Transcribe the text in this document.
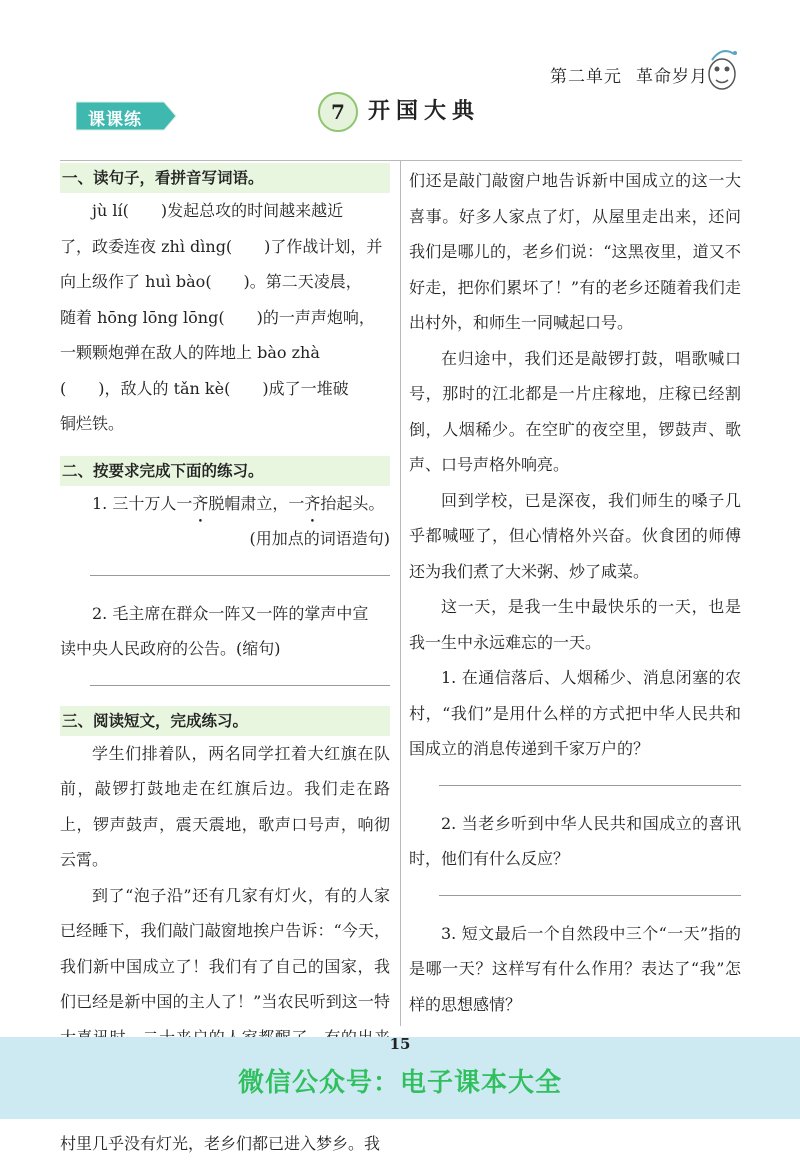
第二单元 革命岁月
课课练	7	开国大典
一、读句子，看拼音写词语。

jù lí(　　)发起总攻的时间越来越近

了，政委连夜 zhì dìng(　　)了作战计划，并

向上级作了 huì bào(　　)。第二天凌晨，

随着 hōng lōng lōng(　　)的一声声炮响，

一颗颗炮弹在敌人的阵地上 bào zhà

(　　)，敌人的 tǎn kè(　　)成了一堆破

铜烂铁。

二、按要求完成下面的练习。

1. 三十万人一齐脱帽肃立，一齐抬起头。

(用加点的词语造句)

2. 毛主席在群众一阵又一阵的掌声中宣

读中央人民政府的公告。(缩句)

三、阅读短文，完成练习。

学生们排着队，两名同学扛着大红旗在队前，敲锣打鼓地走在红旗后边。我们走在路上，锣声鼓声，震天震地，歌声口号声，响彻云霄。

到了“泡子沿”还有几家有灯火，有的人家已经睡下，我们敲门敲窗地挨户告诉：“今天，我们新中国成立了！我们有了自己的国家，我们已经是新中国的主人了！”当农民听到这一特

村里几乎没有灯光，老乡们都已进入梦乡。我

们还是敲门敲窗户地告诉新中国成立的这一大喜事。好多人家点了灯，从屋里走出来，还问我们是哪儿的，老乡们说：“这黑夜里，道又不好走，把你们累坏了！”有的老乡还随着我们走出村外，和师生一同喊起口号。

在归途中，我们还是敲锣打鼓，唱歌喊口号，那时的江北都是一片庄稼地，庄稼已经割倒，人烟稀少。在空旷的夜空里，锣鼓声、歌声、口号声格外响亮。

回到学校，已是深夜，我们师生的嗓子几乎都喊哑了，但心情格外兴奋。伙食团的师傅还为我们煮了大米粥、炒了咸菜。

这一天，是我一生中最快乐的一天，也是我一生中永远难忘的一天。

1. 在通信落后、人烟稀少、消息闭塞的农村，“我们”是用什么样的方式把中华人民共和国成立的消息传递到千家万户的？

2. 当老乡听到中华人民共和国成立的喜讯时，他们有什么反应？

3. 短文最后一个自然段中三个“一天”指的是哪一天？这样写有什么作用？表达了“我”怎样的思想感情？

15
微信公众号：电子课本大全
